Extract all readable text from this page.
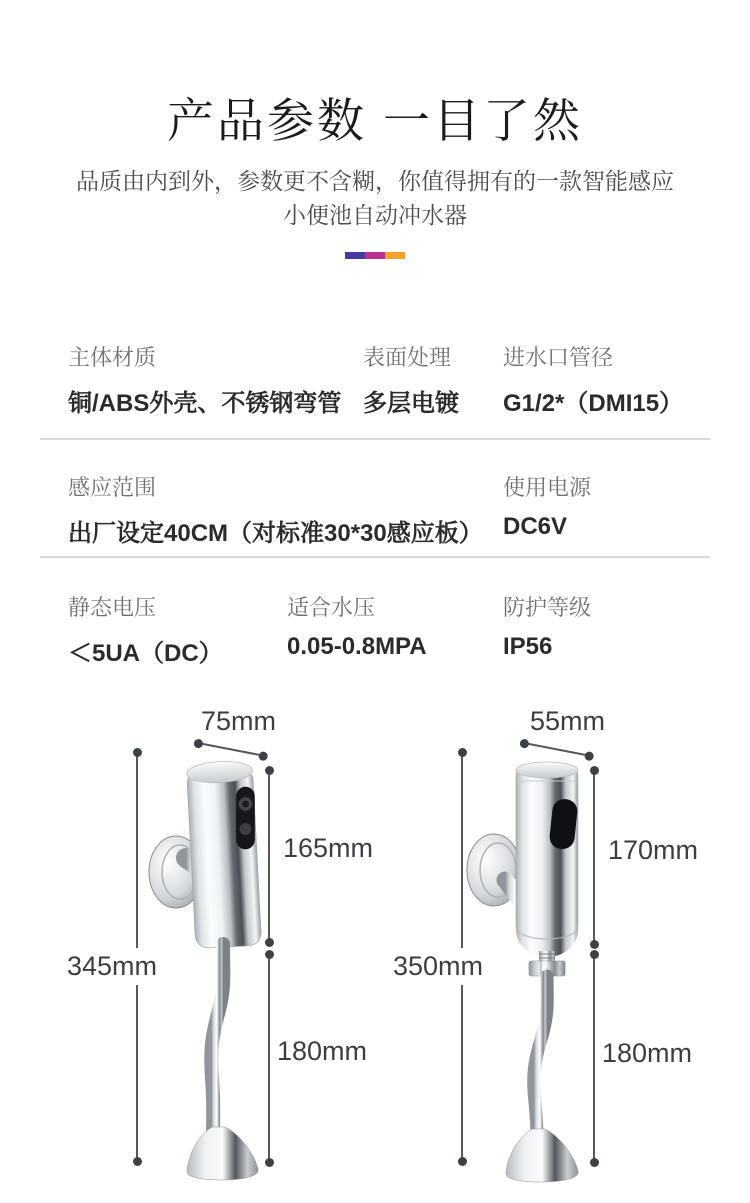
产品参数 一目了然
品质由内到外，参数更不含糊，你值得拥有的一款智能感应
小便池自动冲水器
主体材质
铜/ABS外壳、不锈钢弯管
表面处理
多层电镀
进水口管径
G1/2*（DMI15）
感应范围
出厂设定40CM（对标准30*30感应板）
使用电源
DC6V
静态电压
＜5UA（DC）
适合水压
0.05-0.8MPA
防护等级
IP56
75mm
345mm
165mm
180mm
55mm
350mm
170mm
180mm
